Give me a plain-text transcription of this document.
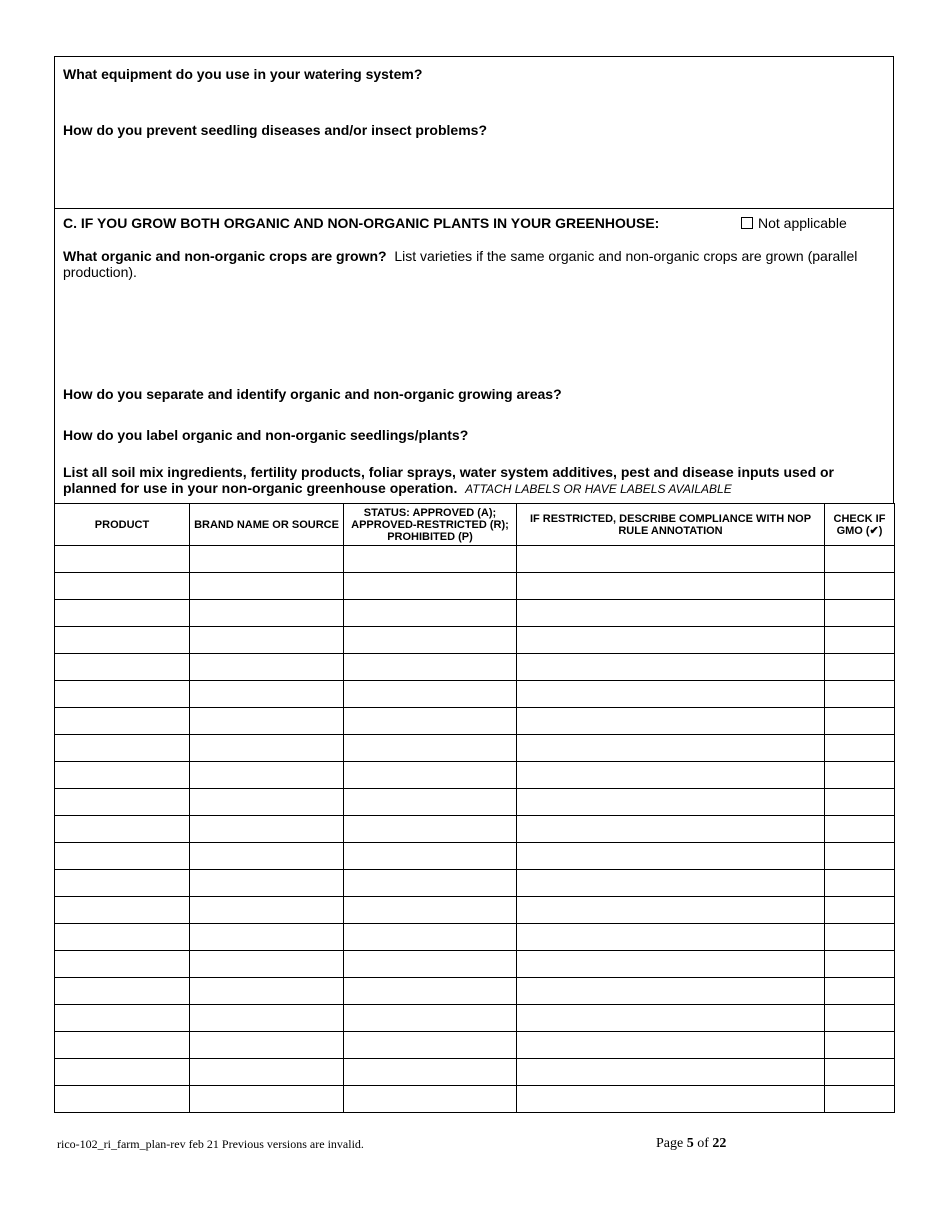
What equipment do you use in your watering system?
How do you prevent seedling diseases and/or insect problems?
C. IF YOU GROW BOTH ORGANIC AND NON-ORGANIC PLANTS IN YOUR GREENHOUSE:	Not applicable
What organic and non-organic crops are grown? List varieties if the same organic and non-organic crops are grown (parallel production).
How do you separate and identify organic and non-organic growing areas?
How do you label organic and non-organic seedlings/plants?
List all soil mix ingredients, fertility products, foliar sprays, water system additives, pest and disease inputs used or planned for use in your non-organic greenhouse operation. ATTACH LABELS OR HAVE LABELS AVAILABLE
PRODUCT	BRAND NAME OR SOURCE	STATUS: APPROVED (A); APPROVED-RESTRICTED (R); PROHIBITED (P)	IF RESTRICTED, DESCRIBE COMPLIANCE WITH NOP RULE ANNOTATION	CHECK IF GMO (✔)

rico-102_ri_farm_plan-rev feb 21 Previous versions are invalid.	Page 5 of 22
